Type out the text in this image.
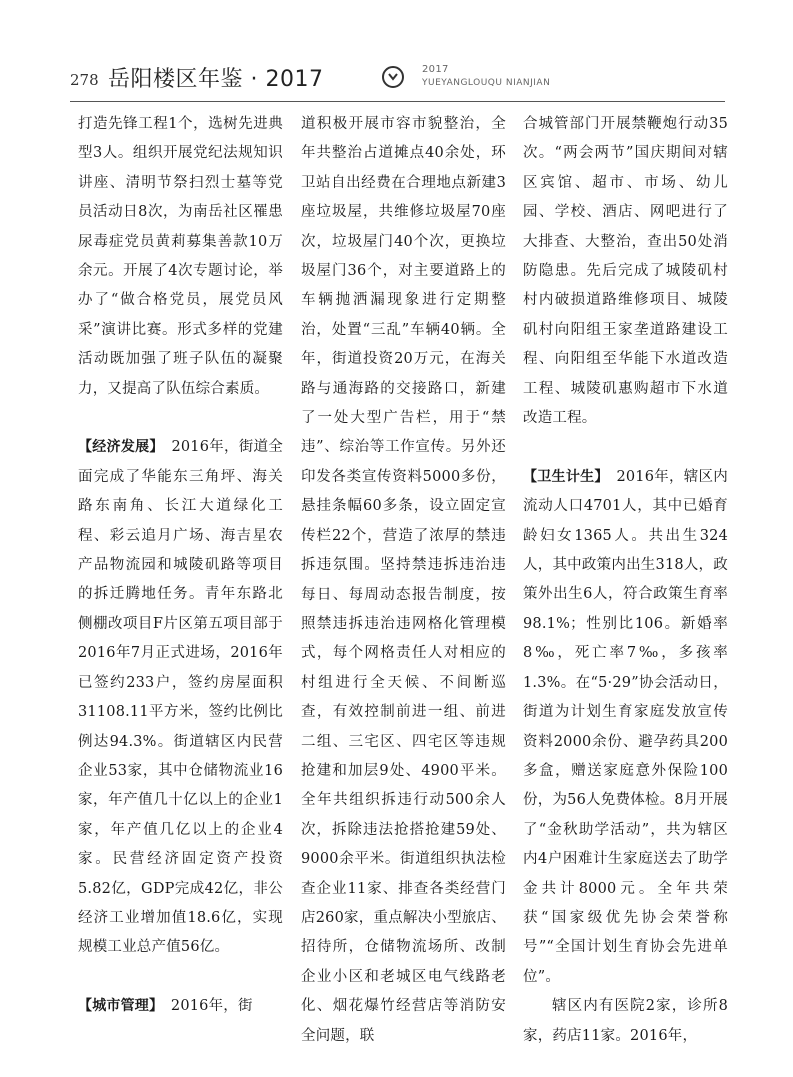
278 岳阳楼区年鉴 · 2017	2017
YUEYANGLOUQU NIANJIAN

打造先锋工程1个，选树先进典型3人。组织开展党纪法规知识讲座、清明节祭扫烈士墓等党员活动日8次，为南岳社区罹患尿毒症党员黄莉募集善款10万余元。开展了4次专题讨论，举办了“做合格党员，展党员风采”演讲比赛。形式多样的党建活动既加强了班子队伍的凝聚力，又提高了队伍综合素质。

【经济发展】　 2016年，街道全面完成了华能东三角坪、海关路东南角、长江大道绿化工程、彩云追月广场、海吉星农产品物流园和城陵矶路等项目的拆迁腾地任务。青年东路北侧棚改项目F片区第五项目部于2016年7月正式进场，2016年已签约233户，签约房屋面积31108.11平方米，签约比例比例达94.3%。街道辖区内民营企业53家，其中仓储物流业16家，年产值几十亿以上的企业1家，年产值几亿以上的企业4家。民营经济固定资产投资5.82亿，GDP完成42亿，非公经济工业增加值18.6亿，实现规模工业总产值56亿。

【城市管理】　 2016年，街

道积极开展市容市貌整治，全年共整治占道摊点40余处，环卫站自出经费在合理地点新建3座垃圾屋，共维修垃圾屋70座次，垃圾屋门40个次，更换垃圾屋门36个，对主要道路上的车辆抛洒漏现象进行定期整治，处置“三乱”车辆40辆。全年，街道投资20万元，在海关路与通海路的交接路口，新建了一处大型广告栏，用于“禁违”、综治等工作宣传。另外还印发各类宣传资料5000多份，悬挂条幅60多条，设立固定宣传栏22个，营造了浓厚的禁违拆违氛围。坚持禁违拆违治违每日、每周动态报告制度，按照禁违拆违治违网格化管理模式，每个网格责任人对相应的村组进行全天候、不间断巡查，有效控制前进一组、前进二组、三宅区、四宅区等违规抢建和加层9处、4900平米。全年共组织拆违行动500余人次，拆除违法抢搭抢建59处、9000余平米。街道组织执法检查企业11家、排查各类经营门店260家，重点解决小型旅店、招待所，仓储物流场所、改制企业小区和老城区电气线路老化、烟花爆竹经营店等消防安全问题，联

合城管部门开展禁鞭炮行动35次。“两会两节”国庆期间对辖区宾馆、超市、市场、幼儿园、学校、酒店、网吧进行了大排查、大整治，查出50处消防隐患。先后完成了城陵矶村村内破损道路维修项目、城陵矶村向阳组王家垄道路建设工程、向阳组至华能下水道改造工程、城陵矶惠购超市下水道改造工程。

【卫生计生】　 2016年，辖区内流动人口4701人，其中已婚育龄妇女1365人。共出生324人，其中政策内出生318人，政策外出生6人，符合政策生育率98.1%；性别比106。新婚率8‰，死亡率7‰，多孩率1.3%。在“5·29”协会活动日，街道为计划生育家庭发放宣传资料2000余份、避孕药具200多盒，赠送家庭意外保险100份，为56人免费体检。8月开展了“金秋助学活动”，共为辖区内4户困难计生家庭送去了助学金共计8000元。全年共荣获“国家级优先协会荣誉称号”“全国计划生育协会先进单位”。

辖区内有医院2家，诊所8家，药店11家。2016年，
